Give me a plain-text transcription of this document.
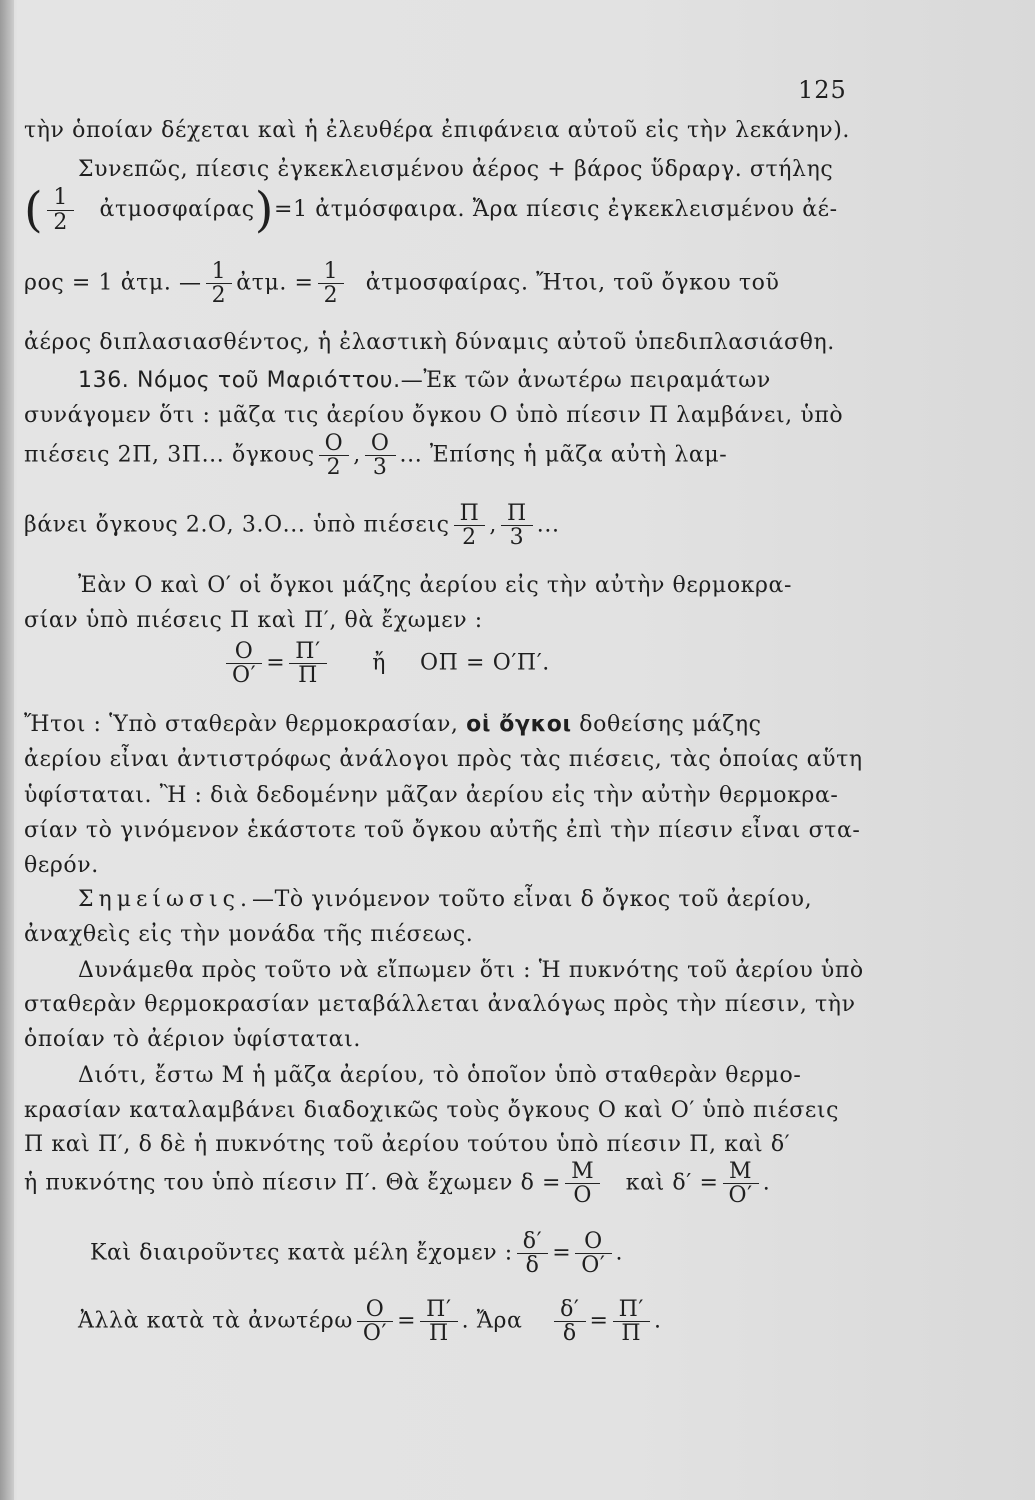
125
τὴν ὁποίαν δέχεται καὶ ἡ ἐλευθέρα ἐπιφάνεια αὐτοῦ εἰς τὴν λεκάνην).
Συνεπῶς, πίεσις ἐγκεκλεισμένου ἀέρος + βάρος ὕδραργ. στήλης
( $\frac{1}{2}$ ἀτμοσφαίρας)=1 ἀτμόσφαιρα. Ἄρα πίεσις ἐγκεκλεισμένου ἀέ-
ρος = 1 ἀτμ. — $\frac{1}{2}$ ἀτμ. = $\frac{1}{2}$ ἀτμοσφαίρας. Ἤτοι, τοῦ ὄγκου τοῦ
ἀέρος διπλασιασθέντος, ἡ ἐλαστικὴ δύναμις αὐτοῦ ὑπεδιπλασιάσθη.
136. Νόμος τοῦ Μαριόττου.—Ἐκ τῶν ἀνωτέρω πειραμάτων
συνάγομεν ὅτι : μᾶζα τις ἀερίου ὄγκου Ο ὑπὸ πίεσιν Π λαμβάνει, ὑπὸ
πιέσεις 2Π, 3Π... ὄγκους $\frac{O}{2}$ , $\frac{O}{3}$ ... Ἐπίσης ἡ μᾶζα αὐτὴ λαμ-
βάνει ὄγκους 2.Ο, 3.Ο... ὑπὸ πιέσεις $\frac{\Pi}{2}$ , $\frac{\Pi}{3}$ ...
Ἐὰν Ο καὶ Ο′ οἱ ὄγκοι μάζης ἀερίου εἰς τὴν αὐτὴν θερμοκρα-
σίαν ὑπὸ πιέσεις Π καὶ Π′, θὰ ἔχωμεν :
$\frac{O}{O'} = \frac{\Pi'}{\Pi}$ ἤ ΟΠ = Ο′Π′.
Ἤτοι : Ὑπὸ σταθερὰν θερμοκρασίαν, οἱ ὄγκοι δοθείσης μάζης
ἀερίου εἶναι ἀντιστρόφως ἀνάλογοι πρὸς τὰς πιέσεις, τὰς ὁποίας αὕτη
ὑφίσταται. Ἢ : διὰ δεδομένην μᾶζαν ἀερίου εἰς τὴν αὐτὴν θερμοκρα-
σίαν τὸ γινόμενον ἑκάστοτε τοῦ ὄγκου αὐτῆς ἐπὶ τὴν πίεσιν εἶναι στα-
θερόν.
Σημείωσις.—Τὸ γινόμενον τοῦτο εἶναι δ ὄγκος τοῦ ἀερίου,
ἀναχθεὶς εἰς τὴν μονάδα τῆς πιέσεως.
Δυνάμεθα πρὸς τοῦτο νὰ εἴπωμεν ὅτι : Ἡ πυκνότης τοῦ ἀερίου ὑπὸ
σταθερὰν θερμοκρασίαν μεταβάλλεται ἀναλόγως πρὸς τὴν πίεσιν, τὴν
ὁποίαν τὸ ἀέριον ὑφίσταται.
Διότι, ἔστω Μ ἡ μᾶζα ἀερίου, τὸ ὁποῖον ὑπὸ σταθερὰν θερμο-
κρασίαν καταλαμβάνει διαδοχικῶς τοὺς ὄγκους Ο καὶ Ο′ ὑπὸ πιέσεις
Π καὶ Π′, δ δὲ ἡ πυκνότης τοῦ ἀερίου τούτου ὑπὸ πίεσιν Π, καὶ δ′
ἡ πυκνότης του ὑπὸ πίεσιν Π′. Θὰ ἔχωμεν $\delta = \frac{M}{O}$ καὶ $\delta' = \frac{M}{O'}$ .
Καὶ διαιροῦντες κατὰ μέλη ἔχομεν : $\frac{\delta'}{\delta} = \frac{O}{O'}$ .
Ἀλλὰ κατὰ τὰ ἀνωτέρω $\frac{O}{O'} = \frac{\Pi'}{\Pi}$ . Ἄρα $\frac{\delta'}{\delta} = \frac{\Pi'}{\Pi}$ .
